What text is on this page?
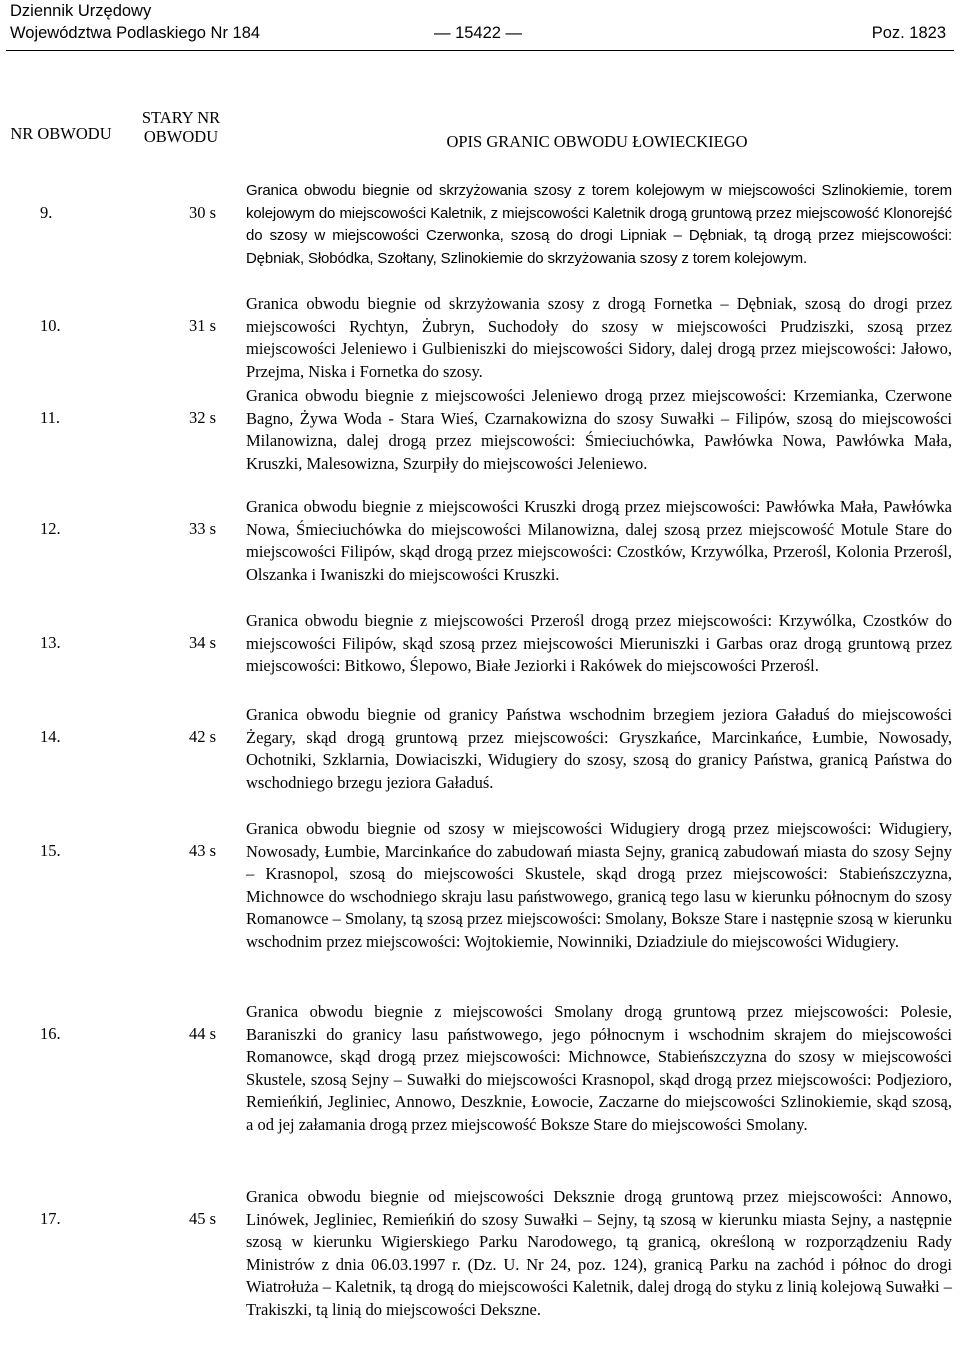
Dziennik Urzędowy
Województwa Podlaskiego Nr 184	— 15422 —	Poz. 1823
NR OBWODU
STARY NR OBWODU	OPIS GRANIC OBWODU ŁOWIECKIEGO
9.	30 s
Granica obwodu biegnie od skrzyżowania szosy z torem kolejowym w miejscowości Szlinokiemie, torem kolejowym do miejscowości Kaletnik, z miejscowości Kaletnik drogą gruntową przez miejscowość Klonorejść do szosy w miejscowości Czerwonka, szosą do drogi Lipniak – Dębniak, tą drogą przez miejscowości: Dębniak, Słobódka, Szołtany, Szlinokiemie do skrzyżowania szosy z torem kolejowym.
10.	31 s
Granica obwodu biegnie od skrzyżowania szosy z drogą Fornetka – Dębniak, szosą do drogi przez miejscowości Rychtyn, Żubryn, Suchodoły do szosy w miejscowości Prudziszki, szosą przez miejscowości Jeleniewo i Gulbieniszki do miejscowości Sidory, dalej drogą przez miejscowości: Jałowo, Przejma, Niska i Fornetka do szosy.
11.	32 s
Granica obwodu biegnie z miejscowości Jeleniewo drogą przez miejscowości: Krzemianka, Czerwone Bagno, Żywa Woda - Stara Wieś, Czarnakowizna do szosy Suwałki – Filipów, szosą do miejscowości Milanowizna, dalej drogą przez miejscowości: Śmieciuchówka, Pawłówka Nowa, Pawłówka Mała, Kruszki, Malesowizna, Szurpiły do miejscowości Jeleniewo.
12.	33 s
Granica obwodu biegnie z miejscowości Kruszki drogą przez miejscowości: Pawłówka Mała, Pawłówka Nowa, Śmieciuchówka do miejscowości Milanowizna, dalej szosą przez miejscowość Motule Stare do miejscowości Filipów, skąd drogą przez miejscowości: Czostków, Krzywólka, Przerośl, Kolonia Przerośl, Olszanka i Iwaniszki do miejscowości Kruszki.
13.	34 s
Granica obwodu biegnie z miejscowości Przerośl drogą przez miejscowości: Krzywólka, Czostków do miejscowości Filipów, skąd szosą przez miejscowości Mieruniszki i Garbas oraz drogą gruntową przez miejscowości: Bitkowo, Ślepowo, Białe Jeziorki i Rakówek do miejscowości Przerośl.
14.	42 s
Granica obwodu biegnie od granicy Państwa wschodnim brzegiem jeziora Gaładuś do miejscowości Żegary, skąd drogą gruntową przez miejscowości: Gryszkańce, Marcinkańce, Łumbie, Nowosady, Ochotniki, Szklarnia, Dowiaciszki, Widugiery do szosy, szosą do granicy Państwa, granicą Państwa do wschodniego brzegu jeziora Gaładuś.
15.	43 s
Granica obwodu biegnie od szosy w miejscowości Widugiery drogą przez miejscowości: Widugiery, Nowosady, Łumbie, Marcinkańce do zabudowań miasta Sejny, granicą zabudowań miasta do szosy Sejny – Krasnopol, szosą do miejscowości Skustele, skąd drogą przez miejscowości: Stabieńszczyzna, Michnowce do wschodniego skraju lasu państwowego, granicą tego lasu w kierunku północnym do szosy Romanowce – Smolany, tą szosą przez miejscowości: Smolany, Boksze Stare i następnie szosą w kierunku wschodnim przez miejscowości: Wojtokiemie, Nowinniki, Dziadziule do miejscowości Widugiery.
16.	44 s
Granica obwodu biegnie z miejscowości Smolany drogą gruntową przez miejscowości: Polesie, Baraniszki do granicy lasu państwowego, jego północnym i wschodnim skrajem do miejscowości Romanowce, skąd drogą przez miejscowości: Michnowce, Stabieńszczyzna do szosy w miejscowości Skustele, szosą Sejny – Suwałki do miejscowości Krasnopol, skąd drogą przez miejscowości: Podjezioro, Remieńkiń, Jegliniec, Annowo, Deszknie, Łowocie, Zaczarne do miejscowości Szlinokiemie, skąd szosą, a od jej załamania drogą przez miejscowość Boksze Stare do miejscowości Smolany.
17.	45 s
Granica obwodu biegnie od miejscowości Deksznie drogą gruntową przez miejscowości: Annowo, Linówek, Jegliniec, Remieńkiń do szosy Suwałki – Sejny, tą szosą w kierunku miasta Sejny, a następnie szosą w kierunku Wigierskiego Parku Narodowego, tą granicą, określoną w rozporządzeniu Rady Ministrów z dnia 06.03.1997 r. (Dz. U. Nr 24, poz. 124), granicą Parku na zachód i północ do drogi Wiatrołuża – Kaletnik, tą drogą do miejscowości Kaletnik, dalej drogą do styku z linią kolejową Suwałki – Trakiszki, tą linią do miejscowości Dekszne.
